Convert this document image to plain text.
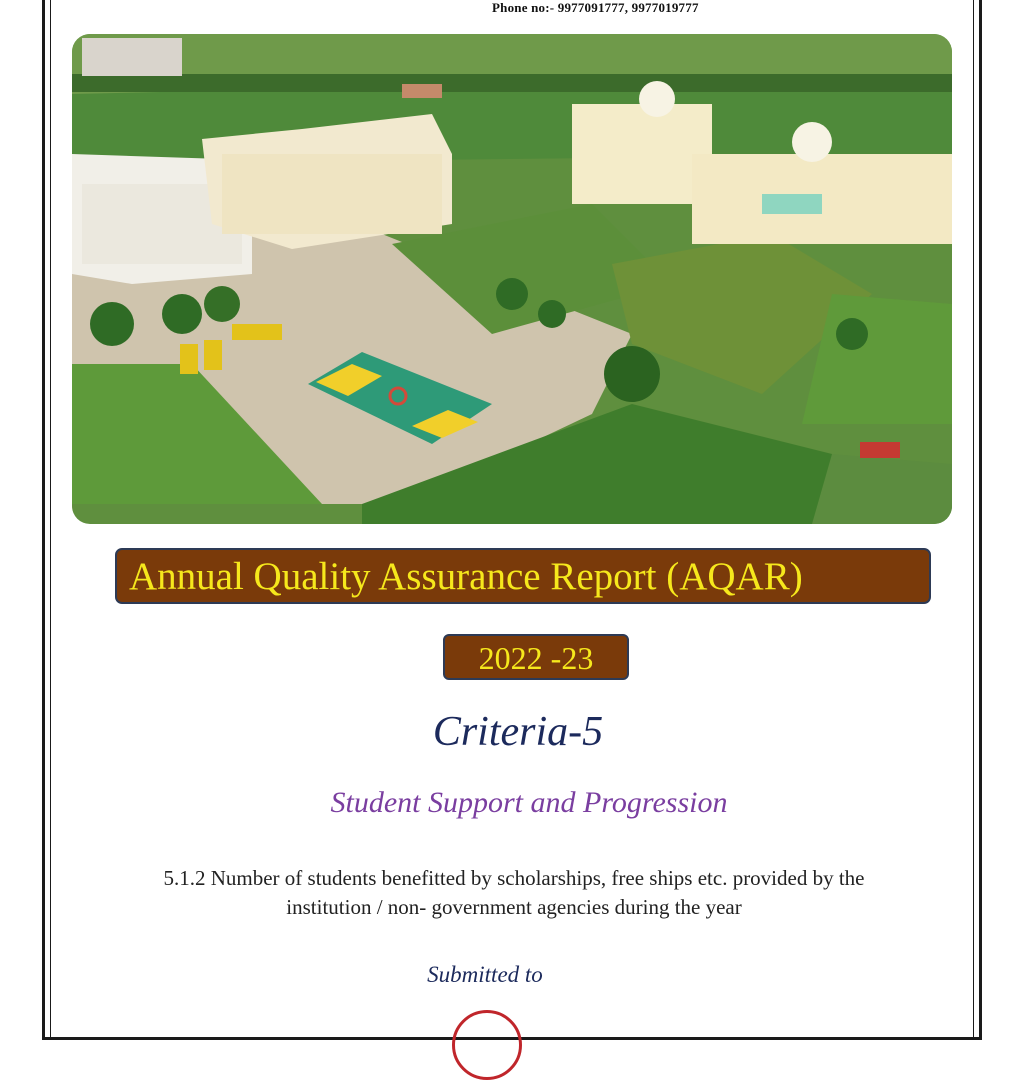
Phone no:- 9977091777, 9977019777
Annual Quality Assurance Report (AQAR)
2022 -23
Criteria-5
Student Support and Progression
5.1.2 Number of students benefitted by scholarships, free ships etc. provided by the
institution / non- government agencies during the year
Submitted to
